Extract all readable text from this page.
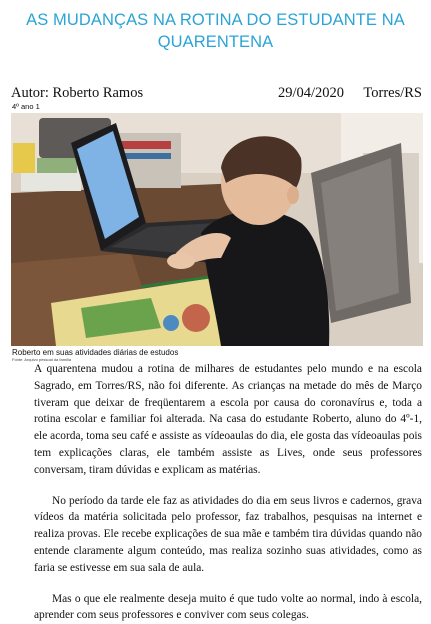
AS MUDANÇAS NA ROTINA DO ESTUDANTE NA QUARENTENA
Autor: Roberto Ramos	29/04/2020 Torres/RS
4º ano 1
Roberto em suas atividades diárias de estudos
Fonte: Arquivo pessoal da família

A quarentena mudou a rotina de milhares de estudantes pelo mundo e na escola Sagrado, em Torres/RS, não foi diferente. As crianças na metade do mês de Março tiveram que deixar de freqüentarem a escola por causa do coronavírus e, toda a rotina escolar e familiar foi alterada. Na casa do estudante Roberto, aluno do 4º-1, ele acorda, toma seu café e assiste as vídeoaulas do dia, ele gosta das vídeoaulas pois tem explicações claras, ele também assiste as Lives, onde seus professores conversam, tiram dúvidas e explicam as matérias.

No período da tarde ele faz as atividades do dia em seus livros e cadernos, grava vídeos da matéria solicitada pelo professor, faz trabalhos, pesquisas na internet e realiza provas. Ele recebe explicações de sua mãe e também tira dúvidas quando não entende claramente algum conteúdo, mas realiza sozinho suas atividades, como as faria se estivesse em sua sala de aula.

Mas o que ele realmente deseja muito é que tudo volte ao normal, indo à escola, aprender com seus professores e conviver com seus colegas.
